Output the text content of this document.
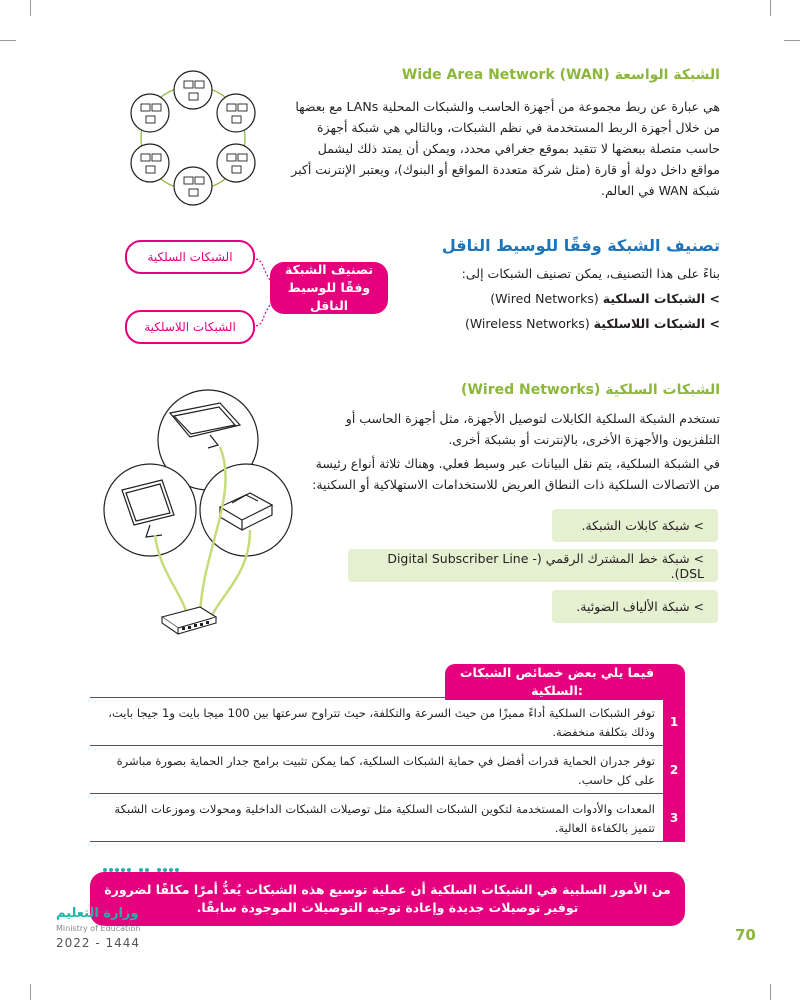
الشبكة الواسعة Wide Area Network (WAN)
هي عبارة عن ربط مجموعة من أجهزة الحاسب والشبكات المحلية LANs مع بعضها من خلال أجهزة الربط المستخدمة في نظم الشبكات، وبالتالي هي شبكة أجهزة حاسب متصلة ببعضها لا تتقيد بموقع جغرافي محدد، ويمكن أن يمتد ذلك ليشمل مواقع داخل دولة أو قارة (مثل شركة متعددة المواقع أو البنوك)، ويعتبر الإنترنت أكبر شبكة WAN في العالم.
الشبكات السلكية
الشبكات اللاسلكية
تصنيف الشبكة وفقًا للوسيط الناقل
تصنيف الشبكة وفقًا للوسيط الناقل
بناءً على هذا التصنيف، يمكن تصنيف الشبكات إلى:
> الشبكات السلكية (Wired Networks)
> الشبكات اللاسلكية (Wireless Networks)
الشبكات السلكية (Wired Networks)
تستخدم الشبكة السلكية الكابلات لتوصيل الأجهزة، مثل أجهزة الحاسب أو التلفزيون والأجهزة الأخرى، بالإنترنت أو بشبكة أخرى.
في الشبكة السلكية، يتم نقل البيانات عبر وسيط فعلي. وهناك ثلاثة أنواع رئيسة من الاتصالات السلكية ذات النطاق العريض للاستخدامات الاستهلاكية أو السكنية:
> شبكة كابلات الشبكة.
> شبكة خط المشترك الرقمي (Digital Subscriber Line - DSL).
> شبكة الألياف الضوئية.
فيما يلي بعض خصائص الشبكات السلكية:
1
توفر الشبكات السلكية أداءً مميزًا من حيث السرعة والتكلفة، حيث تتراوح سرعتها بين 100 ميجا بايت و1 جيجا بايت، وذلك بتكلفة منخفضة.
2
توفر جدران الحماية قدرات أفضل في حماية الشبكات السلكية، كما يمكن تثبيت برامج جدار الحماية بصورة مباشرة على كل حاسب.
3
المعدات والأدوات المستخدمة لتكوين الشبكات السلكية مثل توصيلات الشبكات الداخلية ومحولات وموزعات الشبكة تتميز بالكفاءة العالية.
من الأمور السلبية في الشبكات السلكية أن عملية توسيع هذه الشبكات يُعدُّ أمرًا مكلفًا لضرورة توفير توصيلات جديدة وإعادة توجيه التوصيلات الموجودة سابقًا.
وزارة التعليم
Ministry of Education
2022 - 1444	70
